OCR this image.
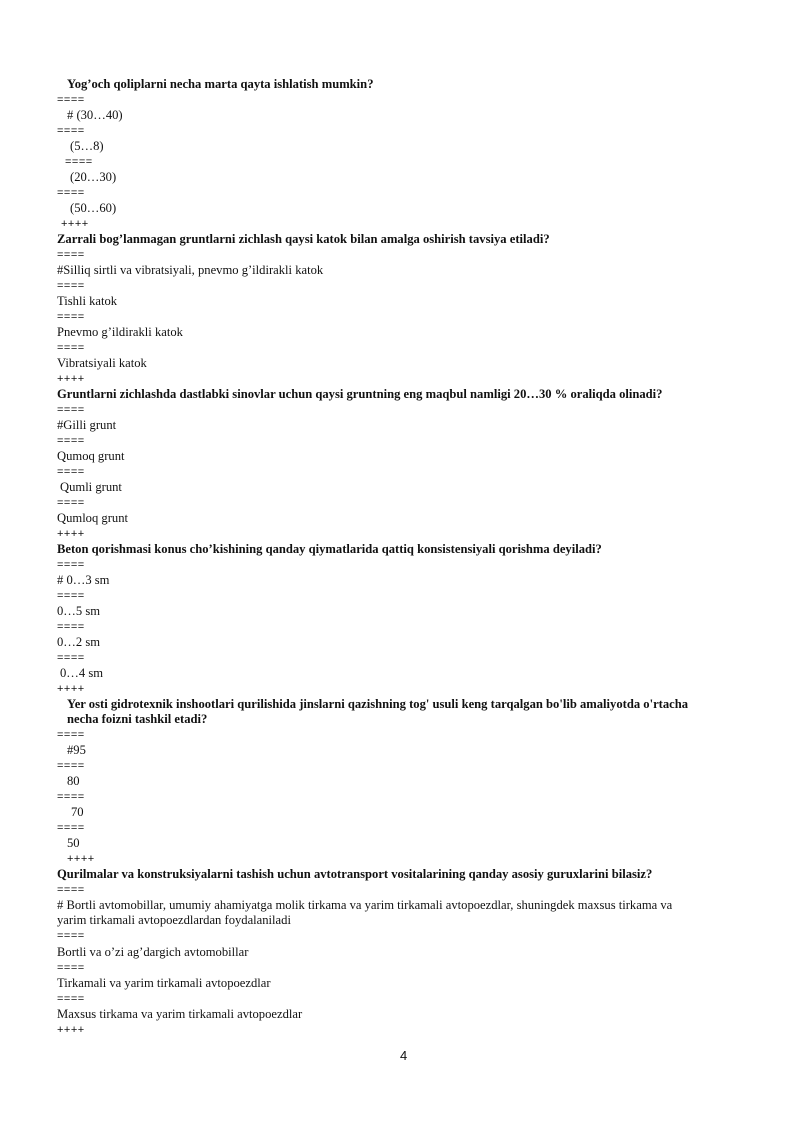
Yog’och qoliplarni necha marta qayta ishlatish mumkin?
====
# (30…40)
====
(5…8)
====
(20…30)
====
(50…60)
++++
Zarrali bog’lanmagan gruntlarni zichlash qaysi katok bilan amalga oshirish tavsiya etiladi?
====
#Silliq sirtli va vibratsiyali, pnevmo g’ildirakli katok
====
Tishli katok
====
Pnevmo g’ildirakli katok
====
Vibratsiyali katok
++++
Gruntlarni zichlashda dastlabki sinovlar uchun qaysi gruntning eng maqbul namligi 20…30 % oraliqda olinadi?
====
#Gilli grunt
====
Qumoq grunt
====
Qumli grunt
====
Qumloq grunt
++++
Beton qorishmasi konus cho’kishining qanday qiymatlarida qattiq konsistensiyali qorishma deyiladi?
====
# 0…3 sm
====
0…5 sm
====
0…2 sm
====
0…4 sm
++++
Yer osti gidrotexnik inshootlari qurilishida jinslarni qazishning tog' usuli keng tarqalgan bo'lib amaliyotda o'rtacha
necha foizni tashkil etadi?
====
#95
====
80
====
70
====
50
++++
Qurilmalar va konstruksiyalarni tashish uchun avtotransport vositalarining qanday asosiy guruxlarini bilasiz?
====
# Bortli avtomobillar, umumiy ahamiyatga molik tirkama va yarim tirkamali avtopoezdlar, shuningdek maxsus tirkama va
yarim tirkamali avtopoezdlardan foydalaniladi
====
Bortli va o’zi ag’dargich avtomobillar
====
Tirkamali va yarim tirkamali avtopoezdlar
====
Maxsus tirkama va yarim tirkamali avtopoezdlar
++++
4
